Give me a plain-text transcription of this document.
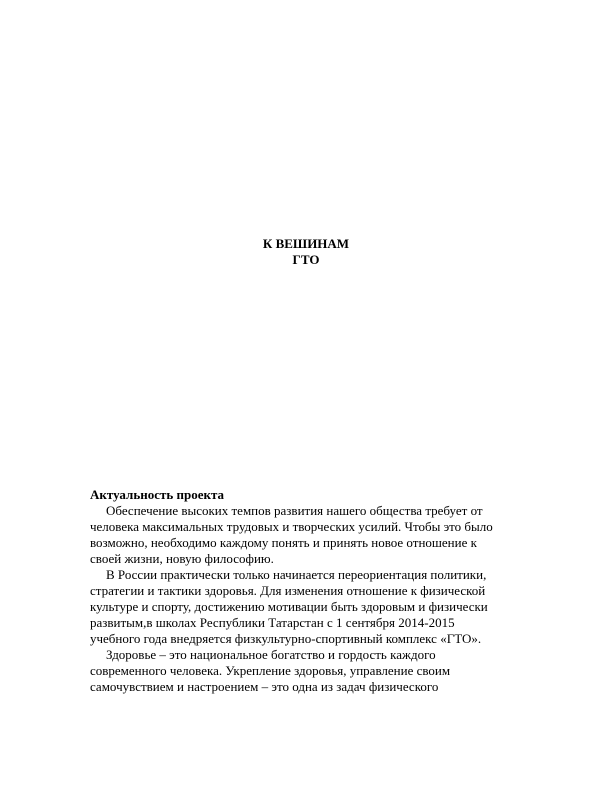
К ВЕШИНАМ
ГТО
Актуальность проекта
Обеспечение высоких темпов развития нашего общества требует от
человека максимальных трудовых и творческих усилий. Чтобы это было
возможно, необходимо каждому понять и принять новое отношение к
своей жизни, новую философию.
В России практически только начинается переориентация политики,
стратегии и тактики здоровья. Для изменения отношение к физической
культуре и спорту, достижению мотивации быть здоровым и физически
развитым,в школах Республики Татарстан с 1 сентября 2014-2015
учебного года внедряется физкультурно-спортивный комплекс «ГТО».
Здоровье – это национальное богатство и гордость каждого
современного человека. Укрепление здоровья, управление своим
самочувствием и настроением – это одна из задач физического
